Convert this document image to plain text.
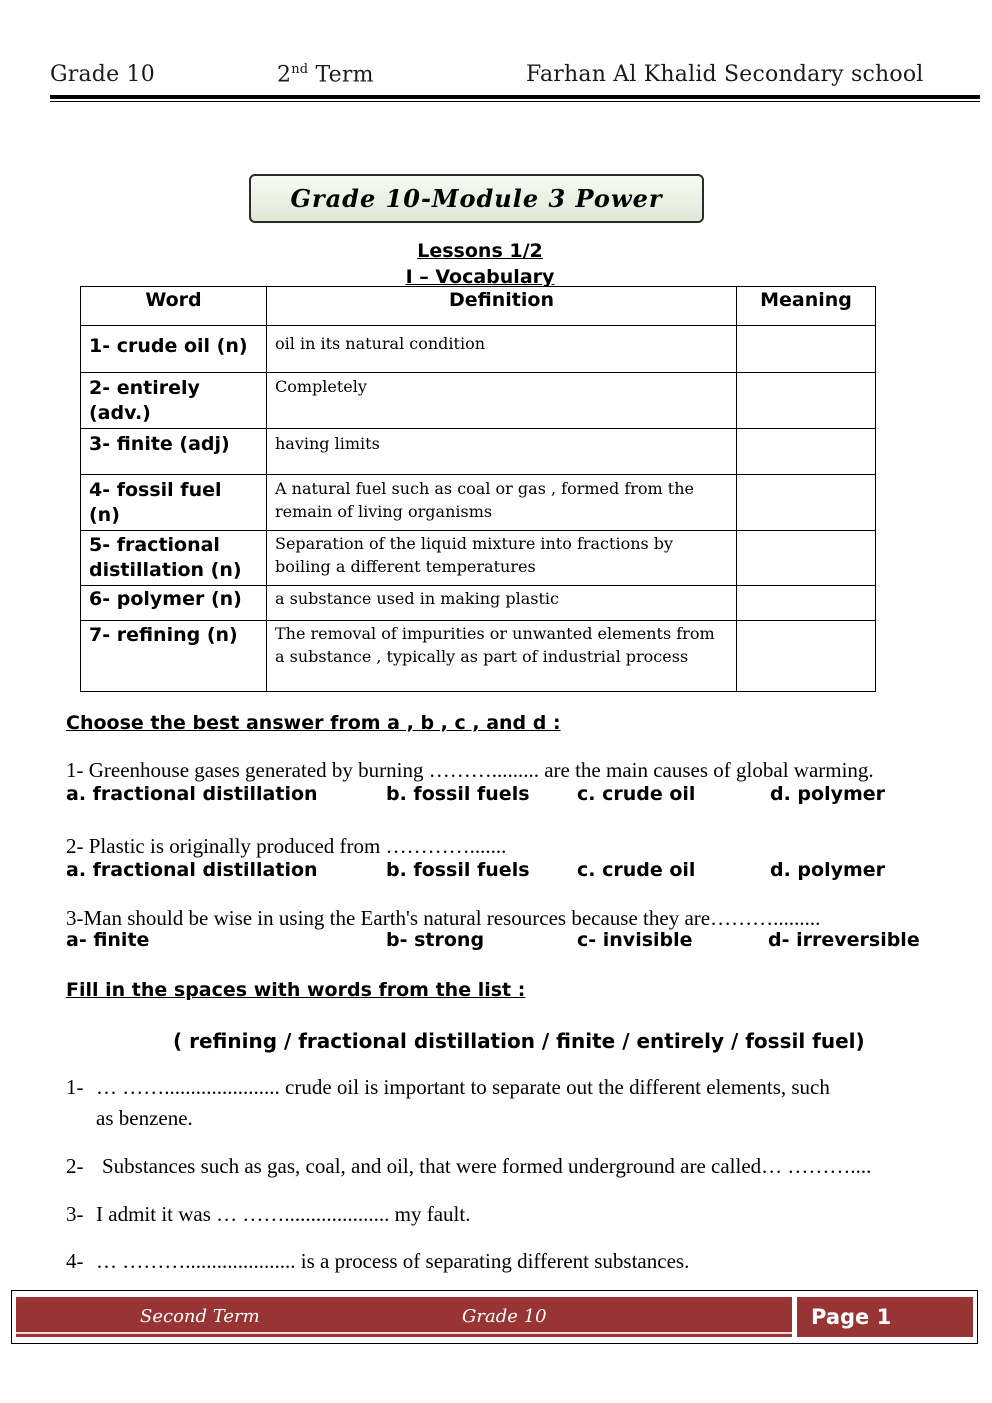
Grade 10	2nd Term	Farhan Al Khalid Secondary school
Grade 10-Module 3 Power
Lessons 1/2
I – Vocabulary
Word	Definition	Meaning
1- crude oil (n)	oil in its natural condition	
2- entirely (adv.)	Completely	
3- finite (adj)	having limits	
4- fossil fuel (n)	A natural fuel such as coal or gas , formed from the remain of living organisms	
5- fractional distillation (n)	Separation of the liquid mixture into fractions by boiling a different temperatures	
6- polymer (n)	a substance used in making plastic	
7- refining (n)	The removal of impurities or unwanted elements from a substance , typically as part of industrial process	
Choose the best answer from a , b , c , and d :
1- Greenhouse gases generated by burning ………......... are the main causes of global warming.
a. fractional distillation	b. fossil fuels c. crude oil	d. polymer
2- Plastic is originally produced from ………….......
a. fractional distillation	b. fossil fuels c. crude oil	d. polymer
3-Man should be wise in using the Earth's natural resources because they are……….........
a- finite	b- strong	c- invisible	d- irreversible
Fill in the spaces with words from the list :
( refining / fractional distillation / finite / entirely / fossil fuel)
1- … ……...................... crude oil is important to separate out the different elements, such
as benzene.
2- Substances such as gas, coal, and oil, that were formed underground are called… ………....
3- I admit it was … …….................... my fault.
4- … ………..................... is a process of separating different substances.
Second Term	Grade 10	Page 1
